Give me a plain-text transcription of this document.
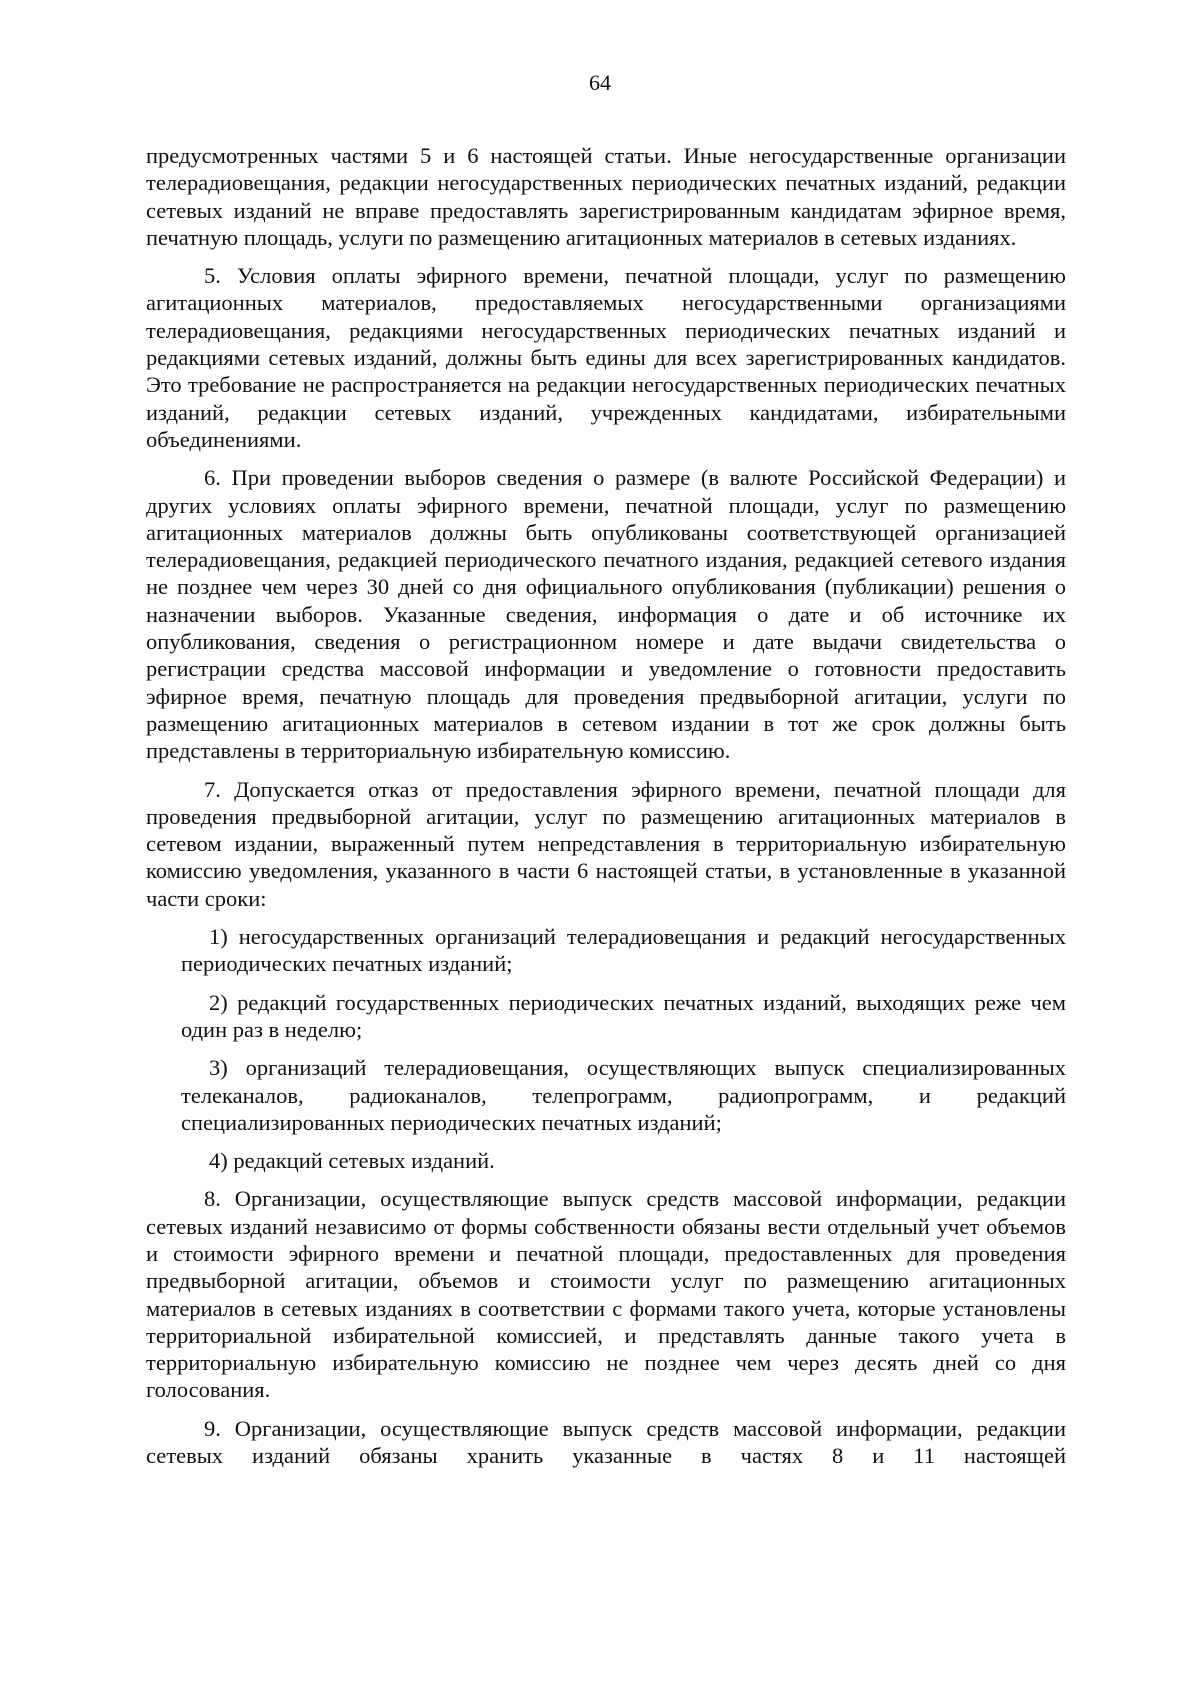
64

предусмотренных частями 5 и 6 настоящей статьи. Иные негосударственные организации телерадиовещания, редакции негосударственных периодических печатных изданий, редакции сетевых изданий не вправе предоставлять зарегистрированным кандидатам эфирное время, печатную площадь, услуги по размещению агитационных материалов в сетевых изданиях.

5. Условия оплаты эфирного времени, печатной площади, услуг по размещению агитационных материалов, предоставляемых негосударственными организациями телерадиовещания, редакциями негосударственных периодических печатных изданий и редакциями сетевых изданий, должны быть едины для всех зарегистрированных кандидатов. Это требование не распространяется на редакции негосударственных периодических печатных изданий, редакции сетевых изданий, учрежденных кандидатами, избирательными объединениями.

6. При проведении выборов сведения о размере (в валюте Российской Федерации) и других условиях оплаты эфирного времени, печатной площади, услуг по размещению агитационных материалов должны быть опубликованы соответствующей организацией телерадиовещания, редакцией периодического печатного издания, редакцией сетевого издания не позднее чем через 30 дней со дня официального опубликования (публикации) решения о назначении выборов. Указанные сведения, информация о дате и об источнике их опубликования, сведения о регистрационном номере и дате выдачи свидетельства о регистрации средства массовой информации и уведомление о готовности предоставить эфирное время, печатную площадь для проведения предвыборной агитации, услуги по размещению агитационных материалов в сетевом издании в тот же срок должны быть представлены в территориальную избирательную комиссию.

7. Допускается отказ от предоставления эфирного времени, печатной площади для проведения предвыборной агитации, услуг по размещению агитационных материалов в сетевом издании, выраженный путем непредставления в территориальную избирательную комиссию уведомления, указанного в части 6 настоящей статьи, в установленные в указанной части сроки:

1) негосударственных организаций телерадиовещания и редакций негосударственных периодических печатных изданий;

2) редакций государственных периодических печатных изданий, выходящих реже чем один раз в неделю;

3) организаций телерадиовещания, осуществляющих выпуск специализированных телеканалов, радиоканалов, телепрограмм, радиопрограмм, и редакций специализированных периодических печатных изданий;

4) редакций сетевых изданий.

8. Организации, осуществляющие выпуск средств массовой информации, редакции сетевых изданий независимо от формы собственности обязаны вести отдельный учет объемов и стоимости эфирного времени и печатной площади, предоставленных для проведения предвыборной агитации, объемов и стоимости услуг по размещению агитационных материалов в сетевых изданиях в соответствии с формами такого учета, которые установлены территориальной избирательной комиссией, и представлять данные такого учета в территориальную избирательную комиссию не позднее чем через десять дней со дня голосования.

9. Организации, осуществляющие выпуск средств массовой информации, редакции сетевых изданий обязаны хранить указанные в частях 8 и 11 настоящей
